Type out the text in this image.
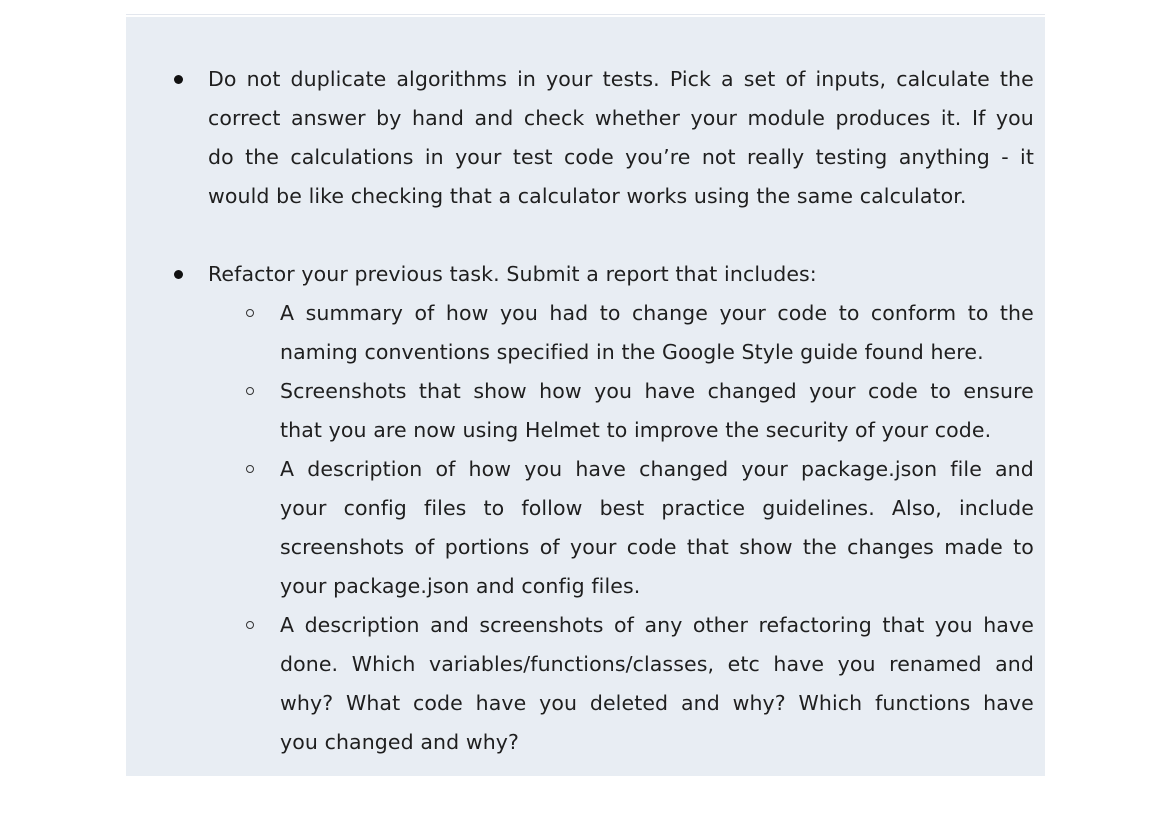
Do not duplicate algorithms in your tests. Pick a set of inputs, calculate the
correct answer by hand and check whether your module produces it. If you
do the calculations in your test code you’re not really testing anything - it
would be like checking that a calculator works using the same calculator.
Refactor your previous task. Submit a report that includes:
A summary of how you had to change your code to conform to the
naming conventions specified in the Google Style guide found here.
Screenshots that show how you have changed your code to ensure
that you are now using Helmet to improve the security of your code.
A description of how you have changed your package.json file and
your config files to follow best practice guidelines. Also, include
screenshots of portions of your code that show the changes made to
your package.json and config files.
A description and screenshots of any other refactoring that you have
done. Which variables/functions/classes, etc have you renamed and
why? What code have you deleted and why? Which functions have
you changed and why?
